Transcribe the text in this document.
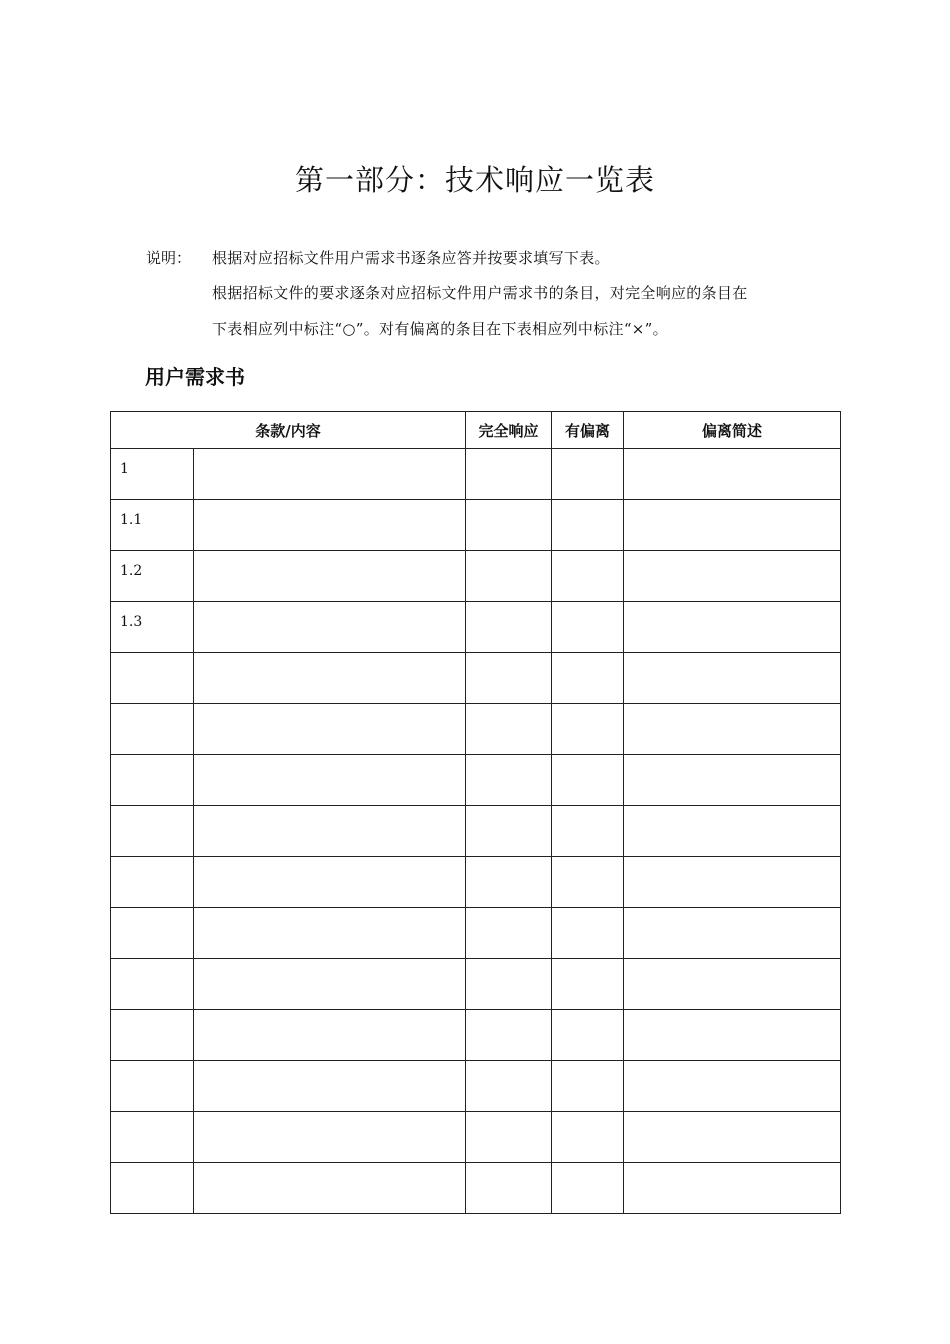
第一部分：技术响应一览表
说明： 根据对应招标文件用户需求书逐条应答并按要求填写下表。
根据招标文件的要求逐条对应招标文件用户需求书的条目，对完全响应的条目在
下表相应列中标注“○”。对有偏离的条目在下表相应列中标注“×”。
用户需求书
条款/内容		完全响应	有偏离	偏离简述
1				
1.1				
1.2				
1.3				
